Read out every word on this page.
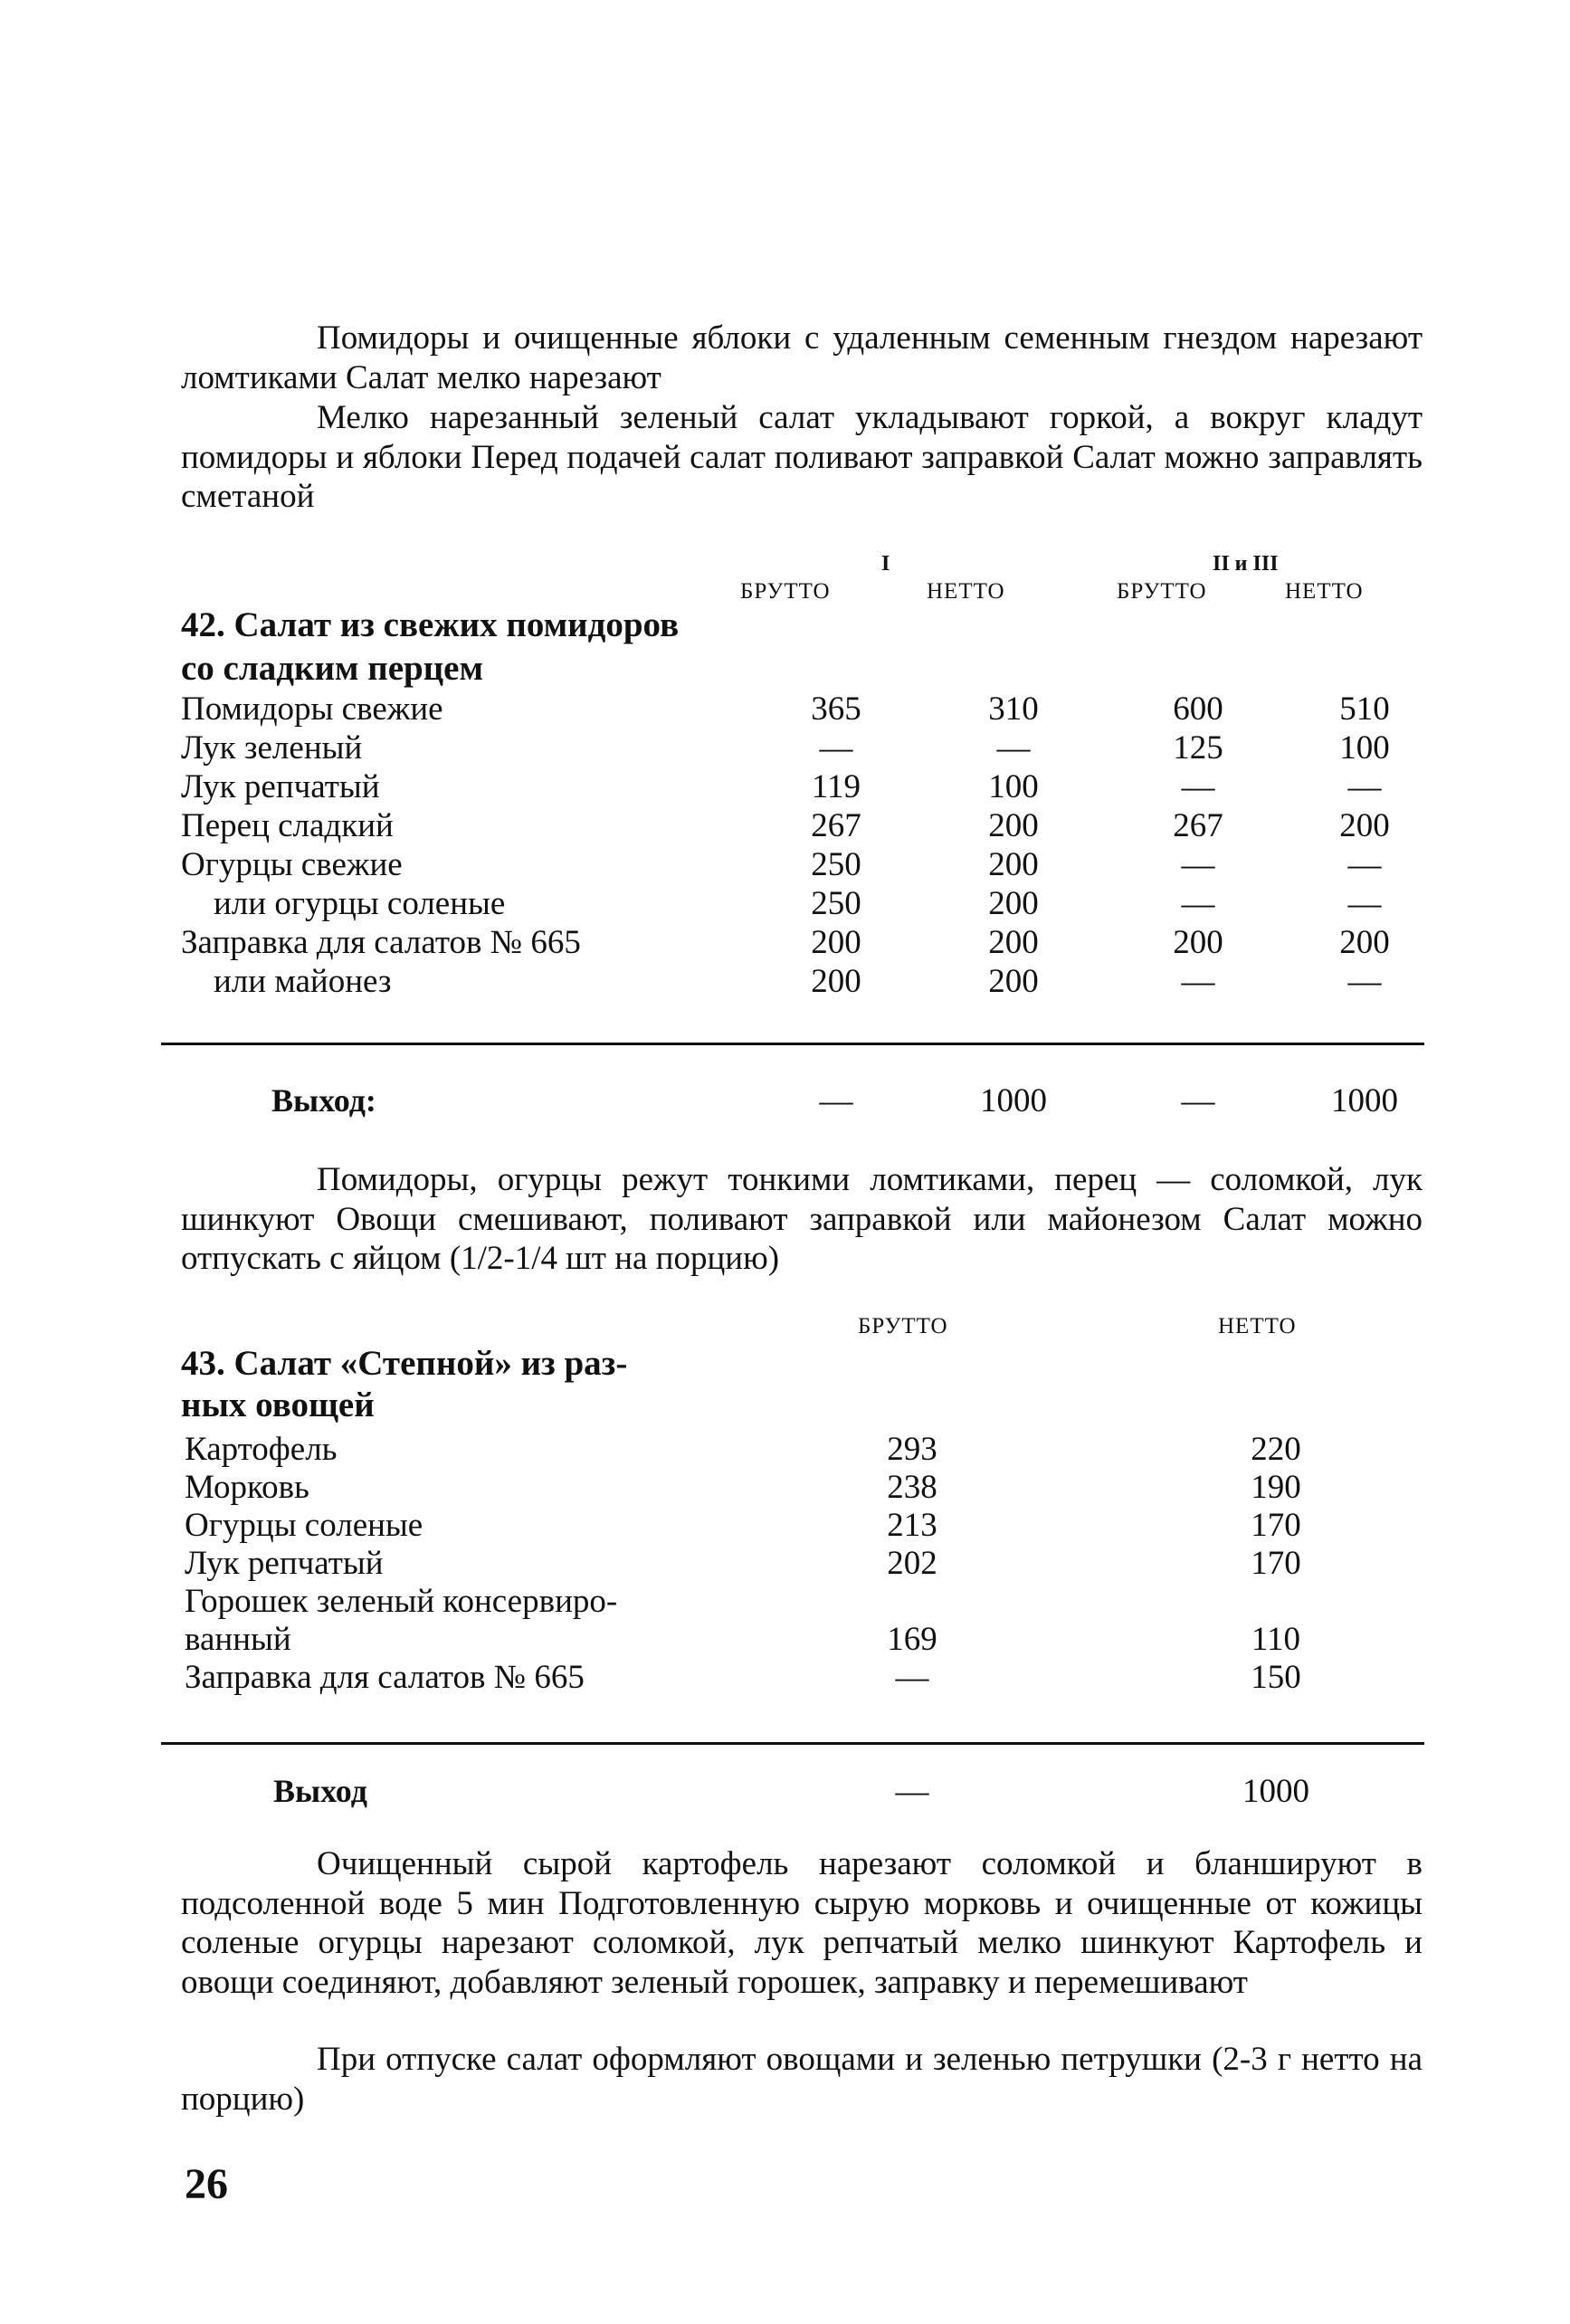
Помидоры и очищенные яблоки с удаленным семенным гнездом нарезают ломтиками Салат мелко нарезают

Мелко нарезанный зеленый салат укладывают горкой, а вокруг кладут помидоры и яблоки Перед подачей салат поливают заправкой Салат можно заправлять сметаной

I	II и III
БРУТТО	НЕТТО	БРУТТО	НЕТТО
42. Салат из свежих помидоров
со сладким перцем
Помидоры свежие	365	310	600	510
Лук зеленый	—	—	125	100
Лук репчатый	119	100	—	—
Перец сладкий	267	200	267	200
Огурцы свежие	250	200	—	—
или огурцы соленые	250	200	—	—
Заправка для салатов № 665	200	200	200	200
или майонез	200	200	—	—
Выход:	—	1000	—	1000

Помидоры, огурцы режут тонкими ломтиками, перец — соломкой, лук шинкуют Овощи смешивают, поливают заправкой или майонезом Салат можно отпускать с яйцом (1/2-1/4 шт на порцию)

БРУТТО	НЕТТО
43. Салат «Степной» из раз-
ных овощей
Картофель	293	220
Морковь	238	190
Огурцы соленые	213	170
Лук репчатый	202	170
Горошек зеленый консервиро-
ванный	169	110
Заправка для салатов № 665	—	150
Выход	—	1000

Очищенный сырой картофель нарезают соломкой и бланшируют в подсоленной воде 5 мин Подготовленную сырую морковь и очищенные от кожицы соленые огурцы нарезают соломкой, лук репчатый мелко шинкуют Картофель и овощи соединяют, добавляют зеленый горошек, заправку и перемешивают

При отпуске салат оформляют овощами и зеленью петрушки (2-3 г нетто на порцию)

26
